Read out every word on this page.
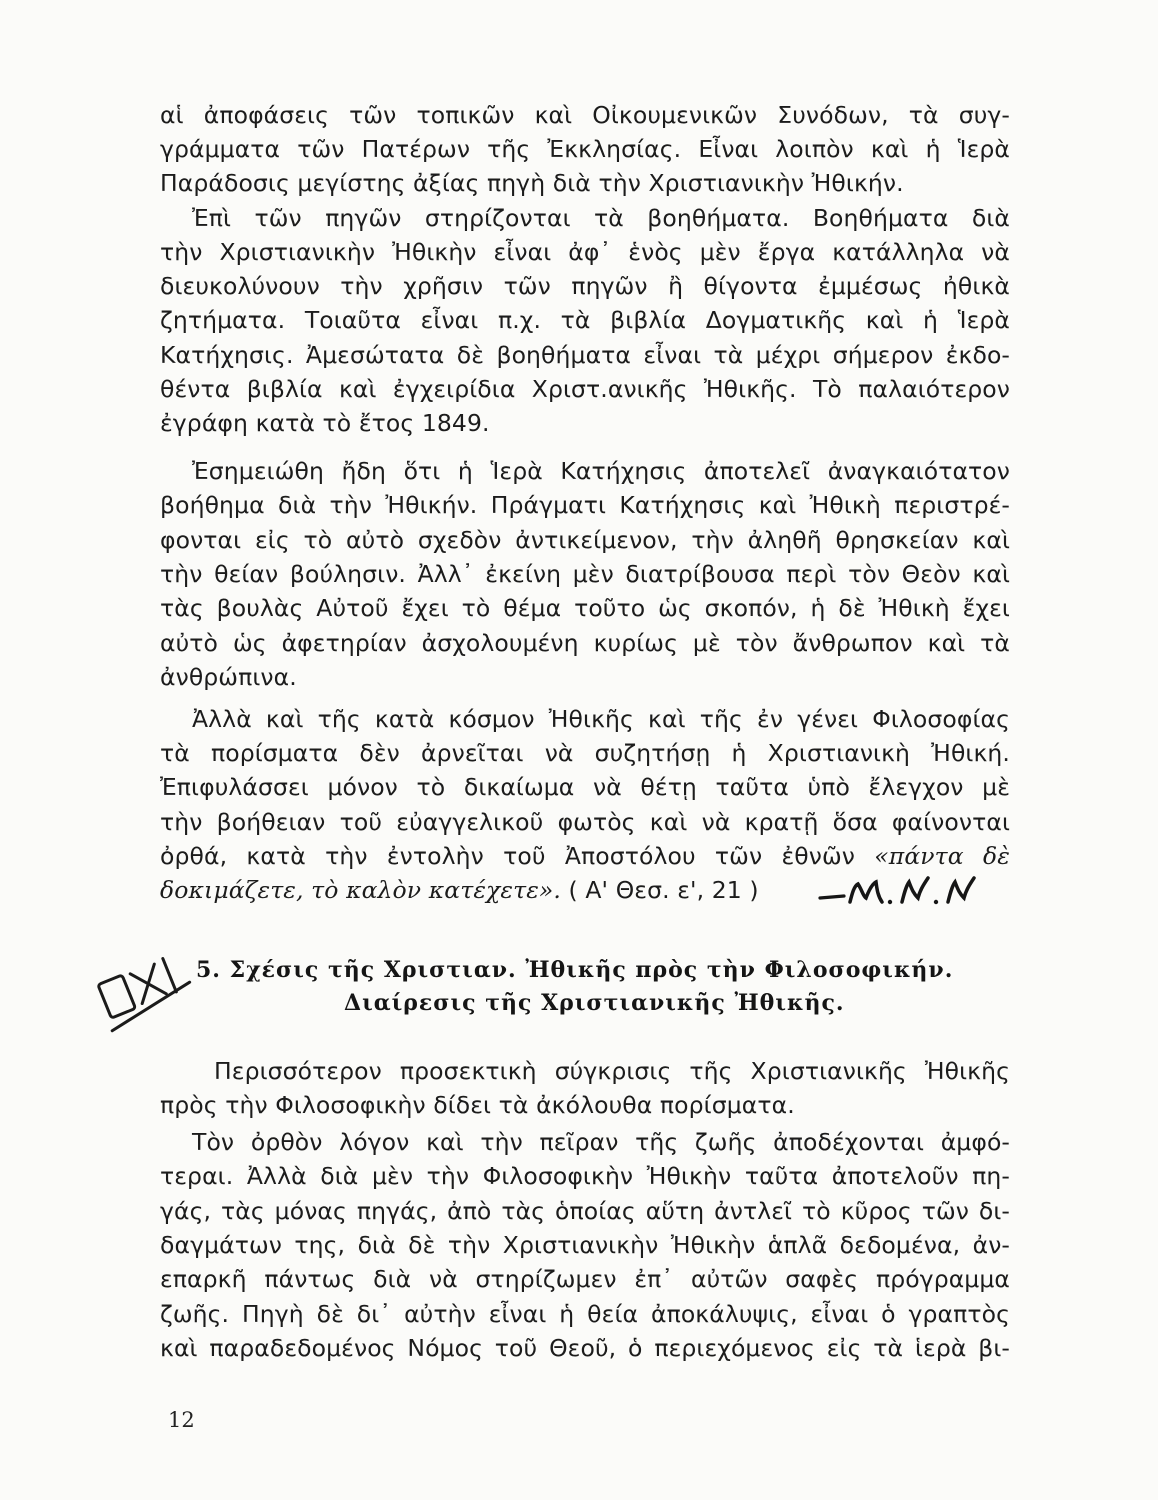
αἱ ἀποφάσεις τῶν τοπικῶν καὶ Οἰκουμενικῶν Συνόδων, τὰ συγ-
γράμματα τῶν Πατέρων τῆς Ἐκκλησίας. Εἶναι λοιπὸν καὶ ἡ Ἱερὰ
Παράδοσις μεγίστης ἀξίας πηγὴ διὰ τὴν Χριστιανικὴν Ἠθικήν.
Ἐπὶ τῶν πηγῶν στηρίζονται τὰ βοηθήματα. Βοηθήματα διὰ
τὴν Χριστιανικὴν Ἠθικὴν εἶναι ἀφ᾿ ἑνὸς μὲν ἔργα κατάλληλα νὰ
διευκολύνουν τὴν χρῆσιν τῶν πηγῶν ἢ θίγοντα ἐμμέσως ἠθικὰ
ζητήματα. Τοιαῦτα εἶναι π.χ. τὰ βιβλία Δογματικῆς καὶ ἡ Ἱερὰ
Κατήχησις. Ἀμεσώτατα δὲ βοηθήματα εἶναι τὰ μέχρι σήμερον ἐκδο-
θέντα βιβλία καὶ ἐγχειρίδια Χριστ.ανικῆς Ἠθικῆς. Τὸ παλαιότερον
ἐγράφη κατὰ τὸ ἔτος 1849.
Ἐσημειώθη ἤδη ὅτι ἡ Ἱερὰ Κατήχησις ἀποτελεῖ ἀναγκαιότατον
βοήθημα διὰ τὴν Ἠθικήν. Πράγματι Κατήχησις καὶ Ἠθικὴ περιστρέ-
φονται εἰς τὸ αὐτὸ σχεδὸν ἀντικείμενον, τὴν ἀληθῆ θρησκείαν καὶ
τὴν θείαν βούλησιν. Ἀλλ᾿ ἐκείνη μὲν διατρίβουσα περὶ τὸν Θεὸν καὶ
τὰς βουλὰς Αὐτοῦ ἔχει τὸ θέμα τοῦτο ὡς σκοπόν, ἡ δὲ Ἠθικὴ ἔχει
αὐτὸ ὡς ἀφετηρίαν ἀσχολουμένη κυρίως μὲ τὸν ἄνθρωπον καὶ τὰ
ἀνθρώπινα.
Ἀλλὰ καὶ τῆς κατὰ κόσμον Ἠθικῆς καὶ τῆς ἐν γένει Φιλοσοφίας
τὰ πορίσματα δὲν ἀρνεῖται νὰ συζητήσῃ ἡ Χριστιανικὴ Ἠθική.
Ἐπιφυλάσσει μόνον τὸ δικαίωμα νὰ θέτῃ ταῦτα ὑπὸ ἔλεγχον μὲ
τὴν βοήθειαν τοῦ εὐαγγελικοῦ φωτὸς καὶ νὰ κρατῇ ὅσα φαίνονται
ὀρθά, κατὰ τὴν ἐντολὴν τοῦ Ἀποστόλου τῶν ἐθνῶν «πάντα δὲ
δοκιμάζετε, τὸ καλὸν κατέχετε». ( Α' Θεσ. ε', 21 )
—μ. Ν. Ν
ΟΧΙ
5. Σχέσις τῆς Χριστιαν. Ἠθικῆς πρὸς τὴν Φιλοσοφικήν.
Διαίρεσις τῆς Χριστιανικῆς Ἠθικῆς.
Περισσότερον προσεκτικὴ σύγκρισις τῆς Χριστιανικῆς Ἠθικῆς
πρὸς τὴν Φιλοσοφικὴν δίδει τὰ ἀκόλουθα πορίσματα.
Τὸν ὀρθὸν λόγον καὶ τὴν πεῖραν τῆς ζωῆς ἀποδέχονται ἀμφό-
τεραι. Ἀλλὰ διὰ μὲν τὴν Φιλοσοφικὴν Ἠθικὴν ταῦτα ἀποτελοῦν πη-
γάς, τὰς μόνας πηγάς, ἀπὸ τὰς ὁποίας αὕτη ἀντλεῖ τὸ κῦρος τῶν δι-
δαγμάτων της, διὰ δὲ τὴν Χριστιανικὴν Ἠθικὴν ἁπλᾶ δεδομένα, ἀν-
επαρκῆ πάντως διὰ νὰ στηρίζωμεν ἐπ᾿ αὐτῶν σαφὲς πρόγραμμα
ζωῆς. Πηγὴ δὲ δι᾿ αὐτὴν εἶναι ἡ θεία ἀποκάλυψις, εἶναι ὁ γραπτὸς
καὶ παραδεδομένος Νόμος τοῦ Θεοῦ, ὁ περιεχόμενος εἰς τὰ ἱερὰ βι-
12
